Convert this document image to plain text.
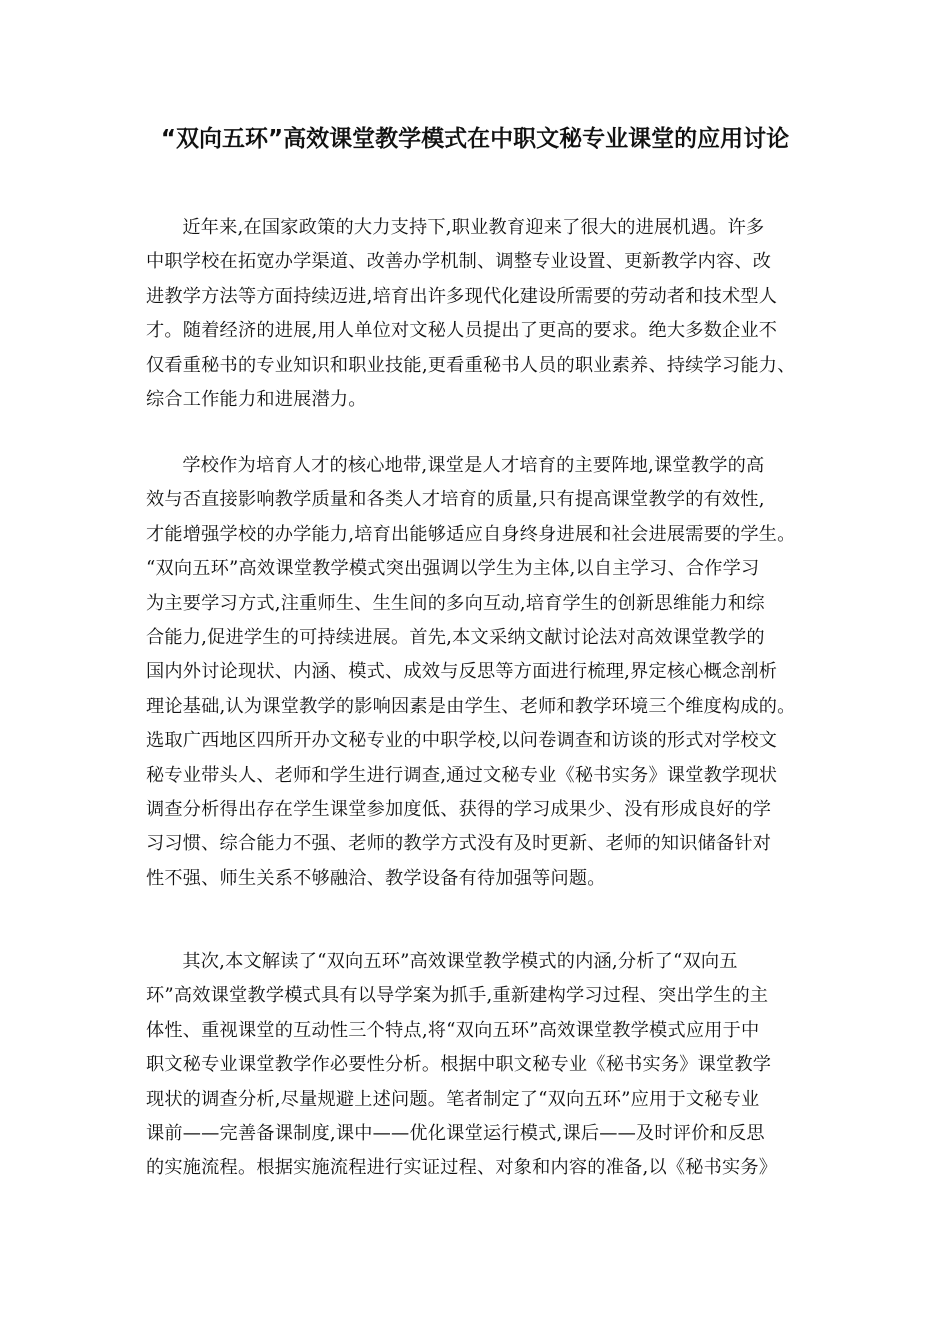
“双向五环”高效课堂教学模式在中职文秘专业课堂的应用讨论

近年来,在国家政策的大力支持下,职业教育迎来了很大的进展机遇。许多
中职学校在拓宽办学渠道、改善办学机制、调整专业设置、更新教学内容、改
进教学方法等方面持续迈进,培育出许多现代化建设所需要的劳动者和技术型人
才。随着经济的进展,用人单位对文秘人员提出了更高的要求。绝大多数企业不
仅看重秘书的专业知识和职业技能,更看重秘书人员的职业素养、持续学习能力、
综合工作能力和进展潜力。

学校作为培育人才的核心地带,课堂是人才培育的主要阵地,课堂教学的高
效与否直接影响教学质量和各类人才培育的质量,只有提高课堂教学的有效性,
才能增强学校的办学能力,培育出能够适应自身终身进展和社会进展需要的学生。
“双向五环”高效课堂教学模式突出强调以学生为主体,以自主学习、合作学习
为主要学习方式,注重师生、生生间的多向互动,培育学生的创新思维能力和综
合能力,促进学生的可持续进展。首先,本文采纳文献讨论法对高效课堂教学的
国内外讨论现状、内涵、模式、成效与反思等方面进行梳理,界定核心概念剖析
理论基础,认为课堂教学的影响因素是由学生、老师和教学环境三个维度构成的。
选取广西地区四所开办文秘专业的中职学校,以问卷调查和访谈的形式对学校文
秘专业带头人、老师和学生进行调查,通过文秘专业《秘书实务》课堂教学现状
调查分析得出存在学生课堂参加度低、获得的学习成果少、没有形成良好的学
习习惯、综合能力不强、老师的教学方式没有及时更新、老师的知识储备针对
性不强、师生关系不够融洽、教学设备有待加强等问题。

其次,本文解读了“双向五环”高效课堂教学模式的内涵,分析了“双向五
环”高效课堂教学模式具有以导学案为抓手,重新建构学习过程、突出学生的主
体性、重视课堂的互动性三个特点,将“双向五环”高效课堂教学模式应用于中
职文秘专业课堂教学作必要性分析。根据中职文秘专业《秘书实务》课堂教学
现状的调查分析,尽量规避上述问题。笔者制定了“双向五环”应用于文秘专业
课前——完善备课制度,课中——优化课堂运行模式,课后——及时评价和反思
的实施流程。根据实施流程进行实证过程、对象和内容的准备,以《秘书实务》
